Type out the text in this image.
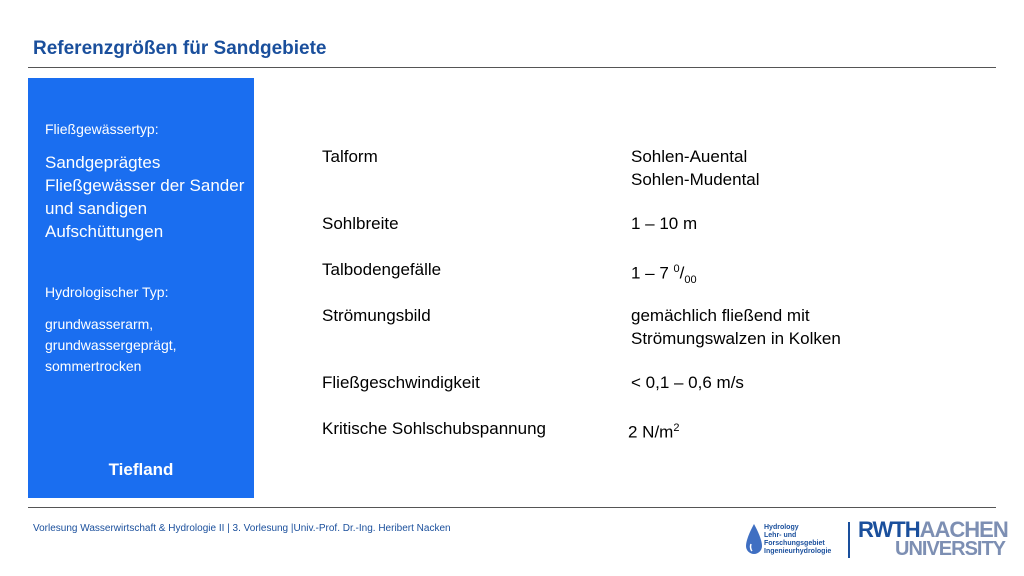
Referenzgrößen für Sandgebiete
Fließgewässertyp:
Sandgeprägtes Fließgewässer der Sander und sandigen Aufschüttungen
Hydrologischer Typ:
grundwasserarm, grundwassergeprägt, sommertrocken
Tiefland
Talform	Sohlen-Auental
Sohlen-Mudental
Sohlbreite	1 – 10 m
Talbodengefälle	1 – 7 $^0/_{00}$
Strömungsbild	gemächlich fließend mit
Strömungswalzen in Kolken
Fließgeschwindigkeit	< 0,1 – 0,6 m/s
Kritische Sohlschubspannung	2 $N/m^2$
Vorlesung Wasserwirtschaft & Hydrologie II | 3. Vorlesung |Univ.-Prof. Dr.-Ing. Heribert Nacken	Hydrology
Lehr- und
Forschungsgebiet
Ingenieurhydrologie
RWTHAACHEN
UNIVERSITY
